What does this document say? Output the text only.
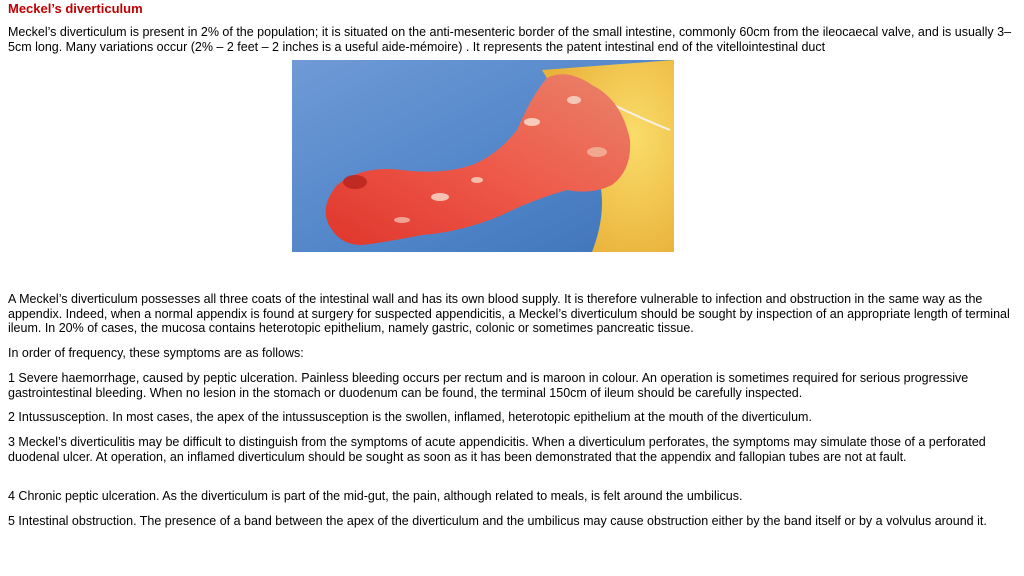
Meckel’s diverticulum

Meckel’s diverticulum is present in 2% of the population; it is situated on the anti-mesenteric border of the small intestine, commonly 60cm from the ileocaecal valve, and is usually 3–5cm long. Many variations occur (2% – 2 feet – 2 inches is a useful aide-mémoire) . It represents the patent intestinal end of the vitellointestinal duct

A Meckel’s diverticulum possesses all three coats of the intestinal wall and has its own blood supply. It is therefore vulnerable to infection and obstruction in the same way as the appendix. Indeed, when a normal appendix is found at surgery for suspected appendicitis, a Meckel’s diverticulum should be sought by inspection of an appropriate length of terminal ileum. In 20% of cases, the mucosa contains heterotopic epithelium, namely gastric, colonic or sometimes pancreatic tissue.

In order of frequency, these symptoms are as follows:

1 Severe haemorrhage, caused by peptic ulceration. Painless bleeding occurs per rectum and is maroon in colour. An operation is sometimes required for serious progressive gastrointestinal bleeding. When no lesion in the stomach or duodenum can be found, the terminal 150cm of ileum should be carefully inspected.

2 Intussusception. In most cases, the apex of the intussusception is the swollen, inflamed, heterotopic epithelium at the mouth of the diverticulum.

3 Meckel’s diverticulitis may be difficult to distinguish from the symptoms of acute appendicitis. When a diverticulum perforates, the symptoms may simulate those of a perforated duodenal ulcer. At operation, an inflamed diverticulum should be sought as soon as it has been demonstrated that the appendix and fallopian tubes are not at fault.

4 Chronic peptic ulceration. As the diverticulum is part of the mid-gut, the pain, although related to meals, is felt around the umbilicus.

5 Intestinal obstruction. The presence of a band between the apex of the diverticulum and the umbilicus may cause obstruction either by the band itself or by a volvulus around it.
